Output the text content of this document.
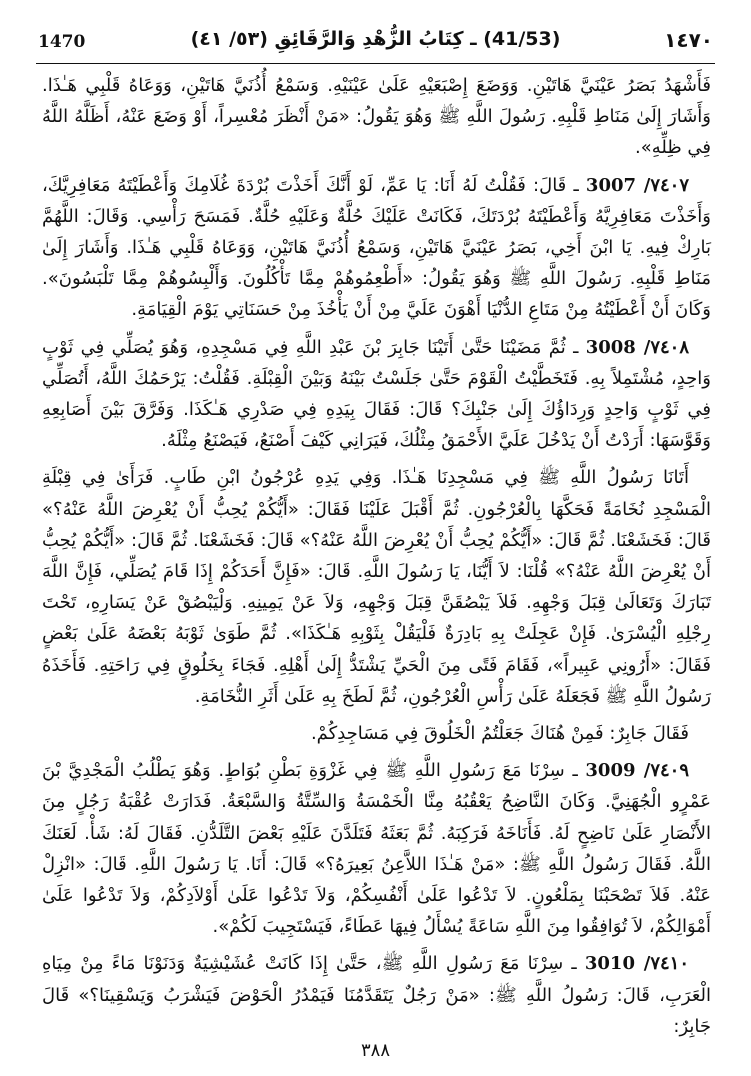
1470	(41/53) ـ كِتَابُ الزُّهْدِ وَالرَّقَائِقِ (٥٣/ ٤١)	١٤٧٠

فَأَشْهَدُ بَصَرُ عَيْنَيَّ هَاتَيْنِ. وَوَضَعَ إِصْبَعَيْهِ عَلَىٰ عَيْنَيْهِ. وَسَمْعُ أُذُنَيَّ هَاتَيْنِ، وَوَعَاهُ قَلْبِي هَـٰذَا. وَأَشَارَ إِلَىٰ مَنَاطِ قَلْبِهِ. رَسُولَ اللَّهِ ﷺ وَهُوَ يَقُولُ: «مَنْ أَنْظَرَ مُعْسِراً، أَوْ وَضَعَ عَنْهُ، أَظَلَّهُ اللَّهُ فِي ظِلِّهِ».

٧٤٠٧/ 3007 ـ قَالَ: فَقُلْتُ لَهُ أَنَا: يَا عَمِّ، لَوْ أَنَّكَ أَخَذْتَ بُرْدَةَ غُلَامِكَ وَأَعْطَيْتَهُ مَعَافِرِيَّكَ، وَأَخَذْتَ مَعَافِرِيَّهُ وَأَعْطَيْتَهُ بُرْدَتَكَ، فَكَانَتْ عَلَيْكَ حُلَّةٌ وَعَلَيْهِ حُلَّةٌ. فَمَسَحَ رَأْسِي. وَقَالَ: اللَّهُمَّ بَارِكْ فِيهِ. يَا ابْنَ أَخِي، بَصَرُ عَيْنَيَّ هَاتَيْنِ، وَسَمْعُ أُذُنَيَّ هَاتَيْنِ، وَوَعَاهُ قَلْبِي هَـٰذَا. وَأَشَارَ إِلَىٰ مَنَاطِ قَلْبِهِ. رَسُولَ اللَّهِ ﷺ وَهُوَ يَقُولُ: «أَطْعِمُوهُمْ مِمَّا تَأْكُلُونَ. وَأَلْبِسُوهُمْ مِمَّا تَلْبَسُونَ». وَكَانَ أَنْ أَعْطَيْتُهُ مِنْ مَتَاعِ الدُّنْيَا أَهْوَنَ عَلَيَّ مِنْ أَنْ يَأْخُذَ مِنْ حَسَنَاتِي يَوْمَ الْقِيَامَةِ.

٧٤٠٨/ 3008 ـ ثُمَّ مَضَيْنَا حَتَّىٰ أَتَيْنَا جَابِرَ بْنَ عَبْدِ اللَّهِ فِي مَسْجِدِهِ، وَهُوَ يُصَلِّي فِي ثَوْبٍ وَاحِدٍ، مُشْتَمِلاً بِهِ. فَتَخَطَّيْتُ الْقَوْمَ حَتَّىٰ جَلَسْتُ بَيْنَهُ وَبَيْنَ الْقِبْلَةِ. فَقُلْتُ: يَرْحَمُكَ اللَّهُ، أَتُصَلِّي فِي ثَوْبٍ وَاحِدٍ وَرِدَاؤُكَ إِلَىٰ جَنْبِكَ؟ قَالَ: فَقَالَ بِيَدِهِ فِي صَدْرِي هَـٰكَذَا. وَفَرَّقَ بَيْنَ أَصَابِعِهِ وَقَوَّسَهَا: أَرَدْتُ أَنْ يَدْخُلَ عَلَيَّ الأَحْمَقُ مِثْلُكَ، فَيَرَانِي كَيْفَ أَصْنَعُ، فَيَصْنَعُ مِثْلَهُ.

أَتَانَا رَسُولُ اللَّهِ ﷺ فِي مَسْجِدِنَا هَـٰذَا. وَفِي يَدِهِ عُرْجُونُ ابْنِ طَابٍ. فَرَأَىٰ فِي قِبْلَةِ الْمَسْجِدِ نُخَامَةً فَحَكَّهَا بِالْعُرْجُونِ. ثُمَّ أَقْبَلَ عَلَيْنَا فَقَالَ: «أَيُّكُمْ يُحِبُّ أَنْ يُعْرِضَ اللَّهُ عَنْهُ؟» قَالَ: فَخَشَعْنَا. ثُمَّ قَالَ: «أَيُّكُمْ يُحِبُّ أَنْ يُعْرِضَ اللَّهُ عَنْهُ؟» قَالَ: فَخَشَعْنَا. ثُمَّ قَالَ: «أَيُّكُمْ يُحِبُّ أَنْ يُعْرِضَ اللَّهُ عَنْهُ؟» قُلْنَا: لاَ أَيُّنَا، يَا رَسُولَ اللَّهِ. قَالَ: «فَإِنَّ أَحَدَكُمْ إِذَا قَامَ يُصَلِّي، فَإِنَّ اللَّهَ تَبَارَكَ وَتَعَالَىٰ قِبَلَ وَجْهِهِ. فَلاَ يَبْصُقَنَّ قِبَلَ وَجْهِهِ، وَلاَ عَنْ يَمِينِهِ. وَلْيَبْصُقْ عَنْ يَسَارِهِ، تَحْتَ رِجْلِهِ الْيُسْرَىٰ. فَإِنْ عَجِلَتْ بِهِ بَادِرَةٌ فَلْيَقُلْ بِثَوْبِهِ هَـٰكَذَا». ثُمَّ طَوَىٰ ثَوْبَهُ بَعْضَهُ عَلَىٰ بَعْضٍ فَقَالَ: «أَرُونِي عَبِيراً»، فَقَامَ فَتًى مِنَ الْحَيِّ يَشْتَدُّ إِلَىٰ أَهْلِهِ. فَجَاءَ بِخَلُوقٍ فِي رَاحَتِهِ. فَأَخَذَهُ رَسُولُ اللَّهِ ﷺ فَجَعَلَهُ عَلَىٰ رَأْسِ الْعُرْجُونِ، ثُمَّ لَطَخَ بِهِ عَلَىٰ أَثَرِ النُّخَامَةِ.

فَقَالَ جَابِرٌ: فَمِنْ هُنَاكَ جَعَلْتُمُ الْخَلُوقَ فِي مَسَاجِدِكُمْ.

٧٤٠٩/ 3009 ـ سِرْنَا مَعَ رَسُولِ اللَّهِ ﷺ فِي غَزْوَةِ بَطْنِ بُوَاطٍ. وَهُوَ يَطْلُبُ الْمَجْدِيَّ بْنَ عَمْرٍو الْجُهَنِيَّ. وَكَانَ النَّاضِحُ يَعْقُبُهُ مِنَّا الْخَمْسَةُ وَالسِّتَّةُ وَالسَّبْعَةُ. فَدَارَتْ عُقْبَةُ رَجُلٍ مِنَ الأَنْصَارِ عَلَىٰ نَاضِحٍ لَهُ. فَأَنَاخَهُ فَرَكِبَهُ. ثُمَّ بَعَثَهُ فَتَلَدَّنَ عَلَيْهِ بَعْضَ التَّلَدُّنِ. فَقَالَ لَهُ: شَأْ. لَعَنَكَ اللَّهُ. فَقَالَ رَسُولُ اللَّهِ ﷺ: «مَنْ هَـٰذَا اللاَّعِنُ بَعِيرَهُ؟» قَالَ: أَنَا. يَا رَسُولَ اللَّهِ. قَالَ: «انْزِلْ عَنْهُ. فَلاَ تَصْحَبْنَا بِمَلْعُونٍ. لاَ تَدْعُوا عَلَىٰ أَنْفُسِكُمْ، وَلاَ تَدْعُوا عَلَىٰ أَوْلاَدِكُمْ، وَلاَ تَدْعُوا عَلَىٰ أَمْوَالِكُمْ، لاَ تُوَافِقُوا مِنَ اللَّهِ سَاعَةً يُسْأَلُ فِيهَا عَطَاءً، فَيَسْتَجِيبَ لَكُمْ».

٧٤١٠/ 3010 ـ سِرْنَا مَعَ رَسُولِ اللَّهِ ﷺ، حَتَّىٰ إِذَا كَانَتْ عُشَيْشِيَةٌ وَدَنَوْنَا مَاءً مِنْ مِيَاهِ الْعَرَبِ، قَالَ: رَسُولُ اللَّهِ ﷺ: «مَنْ رَجُلٌ يَتَقَدَّمُنَا فَيَمْدُرُ الْحَوْضَ فَيَشْرَبُ وَيَسْقِينَا؟» قَالَ جَابِرٌ:

٣٨٨
